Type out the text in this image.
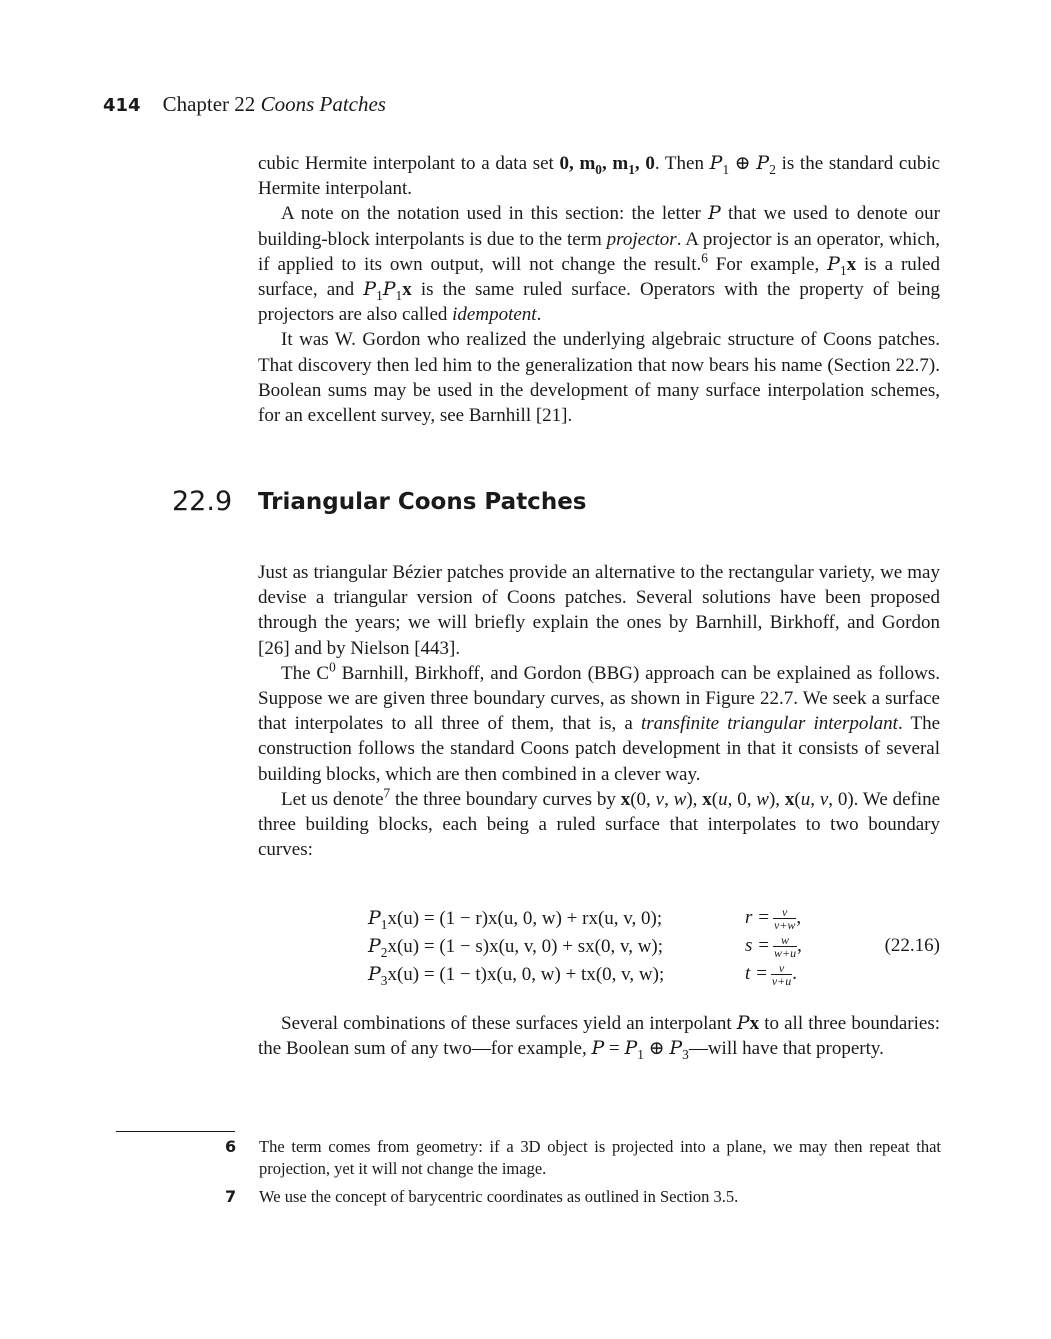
414 Chapter 22 Coons Patches

cubic Hermite interpolant to a data set 0, $m_0$, $m_1$, 0. Then $P_1$ ⊕ $P_2$ is the standard cubic Hermite interpolant.

A note on the notation used in this section: the letter P that we used to denote our building-block interpolants is due to the term projector. A projector is an operator, which, if applied to its own output, will not change the result.$^6$ For example, $P_1x$ is a ruled surface, and $P_1P_1x$ is the same ruled surface. Operators with the property of being projectors are also called idempotent.

It was W. Gordon who realized the underlying algebraic structure of Coons patches. That discovery then led him to the generalization that now bears his name (Section 22.7). Boolean sums may be used in the development of many surface interpolation schemes, for an excellent survey, see Barnhill [21].

22.9 Triangular Coons Patches

Just as triangular Bézier patches provide an alternative to the rectangular variety, we may devise a triangular version of Coons patches. Several solutions have been proposed through the years; we will briefly explain the ones by Barnhill, Birkhoff, and Gordon [26] and by Nielson [443].

The $C^0$ Barnhill, Birkhoff, and Gordon (BBG) approach can be explained as follows. Suppose we are given three boundary curves, as shown in Figure 22.7. We seek a surface that interpolates to all three of them, that is, a transfinite triangular interpolant. The construction follows the standard Coons patch development in that it consists of several building blocks, which are then combined in a clever way.

Let us denote$^7$ the three boundary curves by x(0, v, w), x(u, 0, w), x(u, v, 0). We define three building blocks, each being a ruled surface that interpolates to two boundary curves:

$P_1x(u) = (1 - r)x(u$, 0, w) + rx(u, v, 0);	$r = \frac{v}{v+w}$ ,
$P_2x(u) = (1 - s)x(u$, v, 0) + sx(0, v, w);	$s = \frac{w}{w+u}$ ,
$P_3x(u) = (1 - t)x(u$, 0, w) + tx(0, v, w);	$t = \frac{v}{v+u}$ .
(22.16)

Several combinations of these surfaces yield an interpolant Px to all three boundaries: the Boolean sum of any two—for example, $P = P_1$ ⊕ $P_3—will$ have that property.

6 The term comes from geometry: if a 3D object is projected into a plane, we may then repeat that projection, yet it will not change the image.
7 We use the concept of barycentric coordinates as outlined in Section 3.5.
